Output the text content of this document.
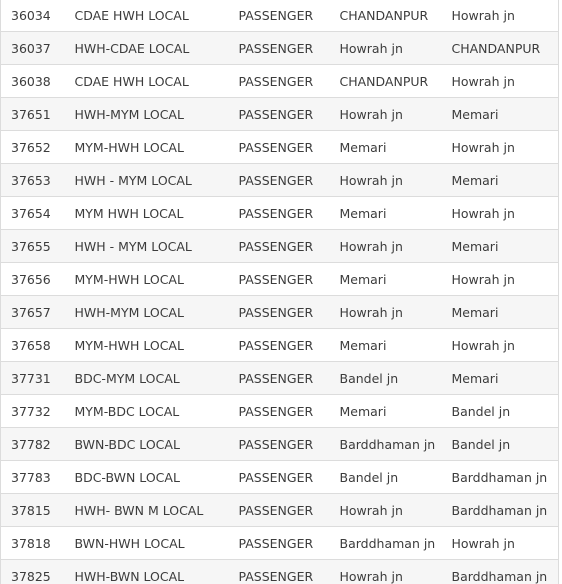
36034	CDAE HWH LOCAL	PASSENGER	CHANDANPUR	Howrah jn
36037	HWH-CDAE LOCAL	PASSENGER	Howrah jn	CHANDANPUR
36038	CDAE HWH LOCAL	PASSENGER	CHANDANPUR	Howrah jn
37651	HWH-MYM LOCAL	PASSENGER	Howrah jn	Memari
37652	MYM-HWH LOCAL	PASSENGER	Memari	Howrah jn
37653	HWH - MYM LOCAL	PASSENGER	Howrah jn	Memari
37654	MYM HWH LOCAL	PASSENGER	Memari	Howrah jn
37655	HWH - MYM LOCAL	PASSENGER	Howrah jn	Memari
37656	MYM-HWH LOCAL	PASSENGER	Memari	Howrah jn
37657	HWH-MYM LOCAL	PASSENGER	Howrah jn	Memari
37658	MYM-HWH LOCAL	PASSENGER	Memari	Howrah jn
37731	BDC-MYM LOCAL	PASSENGER	Bandel jn	Memari
37732	MYM-BDC LOCAL	PASSENGER	Memari	Bandel jn
37782	BWN-BDC LOCAL	PASSENGER	Barddhaman jn	Bandel jn
37783	BDC-BWN LOCAL	PASSENGER	Bandel jn	Barddhaman jn
37815	HWH- BWN M LOCAL	PASSENGER	Howrah jn	Barddhaman jn
37818	BWN-HWH LOCAL	PASSENGER	Barddhaman jn	Howrah jn
37825	HWH-BWN LOCAL	PASSENGER	Howrah jn	Barddhaman jn
